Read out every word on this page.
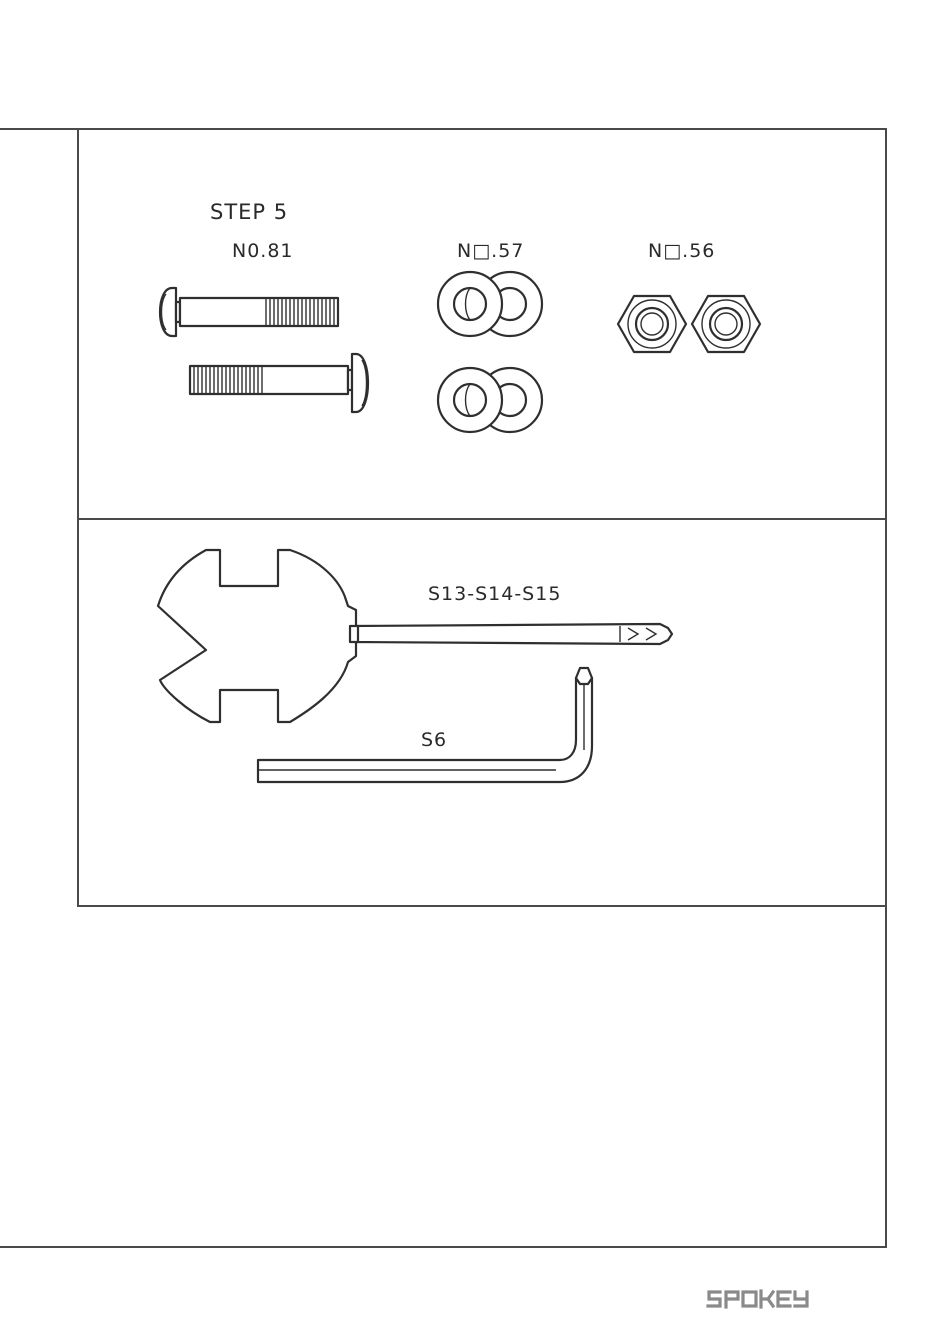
STEP 5
N0.81	N□.57	N□.56
S13-S14-S15
S6
